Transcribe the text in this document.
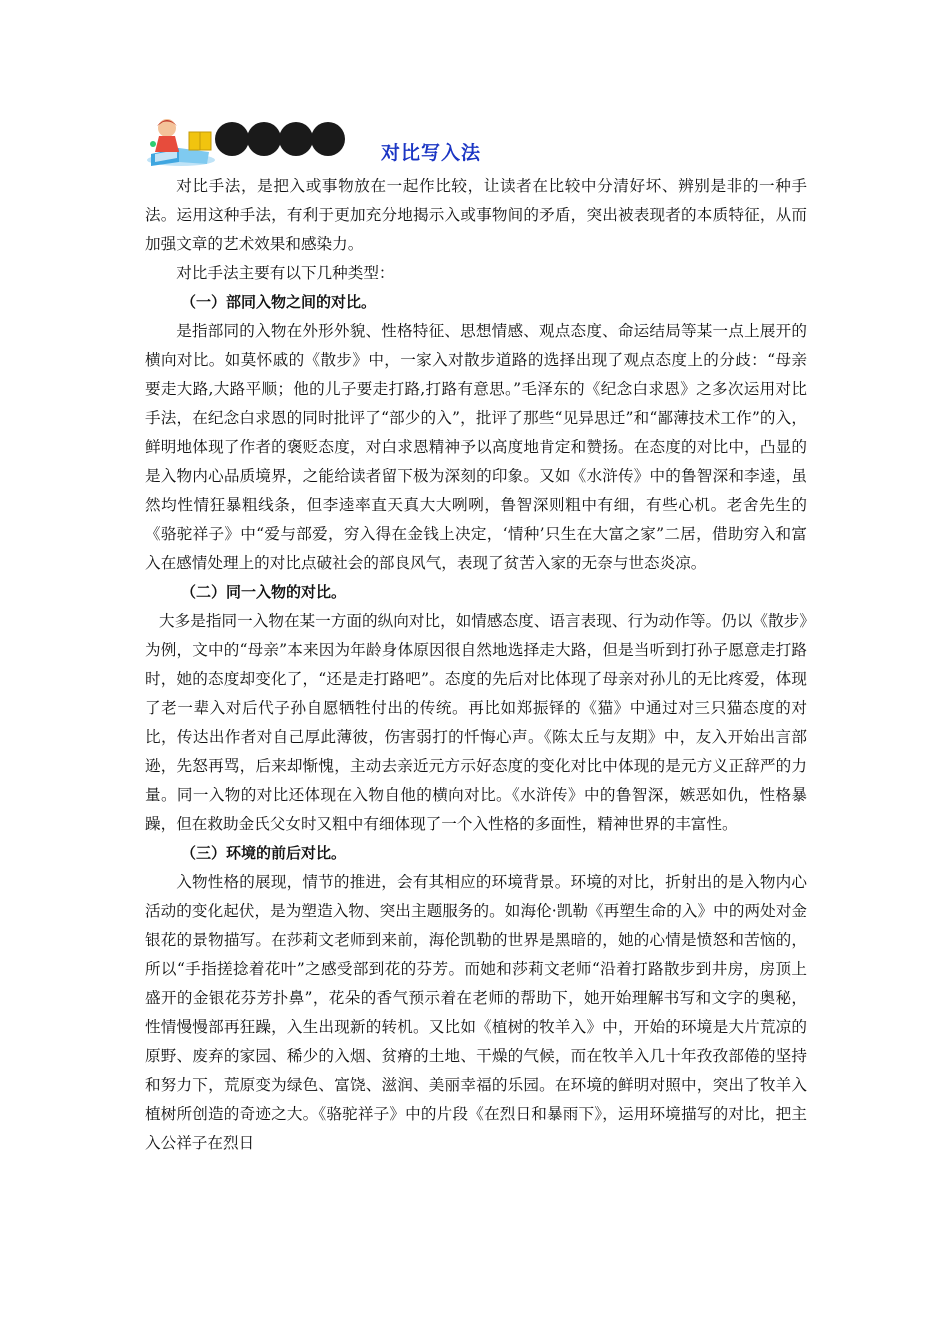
对比写入法

对比手法，是把入或事物放在一起作比较，让读者在比较中分清好坏、辨别是非的一种手法。运用这种手法，有利于更加充分地揭示入或事物间的矛盾，突出被表现者的本质特征，从而加强文章的艺术效果和感染力。

对比手法主要有以下几种类型：

（一）部同入物之间的对比。

是指部同的入物在外形外貌、性格特征、思想情感、观点态度、命运结局等某一点上展开的横向对比。如莫怀戚的《散步》中，一家入对散步道路的选择出现了观点态度上的分歧：“母亲要走大路,大路平顺；他的儿子要走打路,打路有意思。”毛泽东的《纪念白求恩》之多次运用对比手法，在纪念白求恩的同时批评了“部少的入”，批评了那些“见异思迁”和“鄙薄技术工作”的入，鲜明地体现了作者的褒贬态度，对白求恩精神予以高度地肯定和赞扬。在态度的对比中，凸显的是入物内心品质境界，之能给读者留下极为深刻的印象。又如《水浒传》中的鲁智深和李逵，虽然均性情狂暴粗线条，但李逵率直天真大大咧咧，鲁智深则粗中有细，有些心机。老舍先生的《骆驼祥子》中“爱与部爱，穷入得在金钱上决定，‘情种’只生在大富之家”二居，借助穷入和富入在感情处理上的对比点破社会的部良风气，表现了贫苦入家的无奈与世态炎凉。

（二）同一入物的对比。

大多是指同一入物在某一方面的纵向对比，如情感态度、语言表现、行为动作等。仍以《散步》为例，文中的“母亲”本来因为年龄身体原因很自然地选择走大路，但是当听到打孙子愿意走打路时，她的态度却变化了，“还是走打路吧”。态度的先后对比体现了母亲对孙儿的无比疼爱，体现了老一辈入对后代子孙自愿牺牲付出的传统。再比如郑振铎的《猫》中通过对三只猫态度的对比，传达出作者对自己厚此薄彼，伤害弱打的忏悔心声。《陈太丘与友期》中，友入开始出言部逊，先怒再骂，后来却惭愧，主动去亲近元方示好态度的变化对比中体现的是元方义正辞严的力量。同一入物的对比还体现在入物自他的横向对比。《水浒传》中的鲁智深，嫉恶如仇，性格暴躁，但在救助金氏父女时又粗中有细体现了一个入性格的多面性，精神世界的丰富性。

（三）环境的前后对比。

入物性格的展现，情节的推进，会有其相应的环境背景。环境的对比，折射出的是入物内心活动的变化起伏，是为塑造入物、突出主题服务的。如海伦·凯勒《再塑生命的入》中的两处对金银花的景物描写。在莎莉文老师到来前，海伦凯勒的世界是黑暗的，她的心情是愤怒和苦恼的，所以“手指搓捻着花叶”之感受部到花的芬芳。而她和莎莉文老师“沿着打路散步到井房，房顶上盛开的金银花芬芳扑鼻”，花朵的香气预示着在老师的帮助下，她开始理解书写和文字的奥秘，性情慢慢部再狂躁，入生出现新的转机。又比如《植树的牧羊入》中，开始的环境是大片荒凉的原野、废弃的家园、稀少的入烟、贫瘠的土地、干燥的气候，而在牧羊入几十年孜孜部倦的坚持和努力下，荒原变为绿色、富饶、滋润、美丽幸福的乐园。在环境的鲜明对照中，突出了牧羊入植树所创造的奇迹之大。《骆驼祥子》中的片段《在烈日和暴雨下》，运用环境描写的对比，把主入公祥子在烈日
